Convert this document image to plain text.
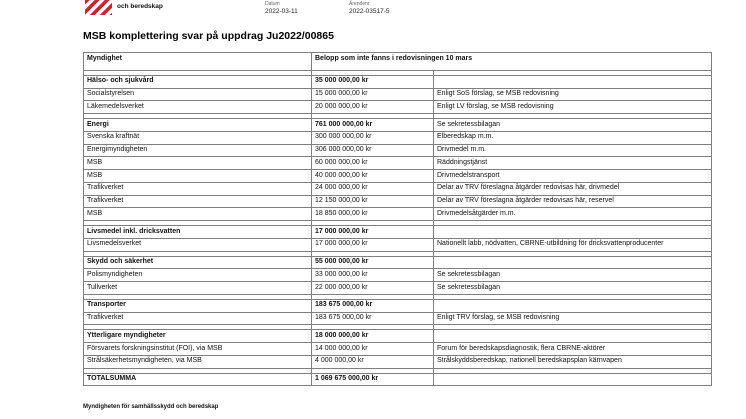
och beredskap	Datum
2022-03-11
Ärendenr
2022-03517-5
MSB komplettering svar på uppdrag Ju2022/00865
Myndighet	Belopp som inte fanns i redovisningen 10 mars	

Hälso- och sjukvård	35 000 000,00 kr	
Socialstyrelsen	15 000 000,00 kr	Enligt SoS förslag, se MSB redovisning
Läkemedelsverket	20 000 000,00 kr	Enligt LV förslag, se MSB redovisning

Energi	761 000 000,00 kr	Se sekretessbilagan
Svenska kraftnät	300 000 000,00 kr	Elberedskap m.m.
Energimyndigheten	306 000 000,00 kr	Drivmedel m.m.
MSB	60 000 000,00 kr	Räddningstjänst
MSB	40 000 000,00 kr	Drivmedelstransport
Trafikverket	24 000 000,00 kr	Delar av TRV föreslagna åtgärder redovisas här, drivmedel
Trafikverket	12 150 000,00 kr	Delar av TRV föreslagna åtgärder redovisas här, reservel
MSB	18 850 000,00 kr	Drivmedelsåtgärder m.m.

Livsmedel inkl. dricksvatten	17 000 000,00 kr	
Livsmedelsverket	17 000 000,00 kr	Nationellt labb, nödvatten, CBRNE-utbildning för dricksvattenproducenter

Skydd och säkerhet	55 000 000,00 kr	
Polismyndigheten	33 000 000,00 kr	Se sekretessbilagan
Tullverket	22 000 000,00 kr	Se sekretessbilagan

Transporter	183 675 000,00 kr	
Trafikverket	183 675 000,00 kr	Enligt TRV förslag, se MSB redovisning

Ytterligare myndigheter	18 000 000,00 kr	
Försvarets forskningsinstitut (FOI), via MSB	14 000 000,00 kr	Forum för beredskapsdiagnostik, flera CBRNE-aktörer
Strålsäkerhetsmyndigheten, via MSB	4 000 000,00 kr	Strålskyddsberedskap, nationell beredskapsplan kärnvapen

TOTALSUMMA	1 069 675 000,00 kr	
Myndigheten för samhällsskydd och beredskap
